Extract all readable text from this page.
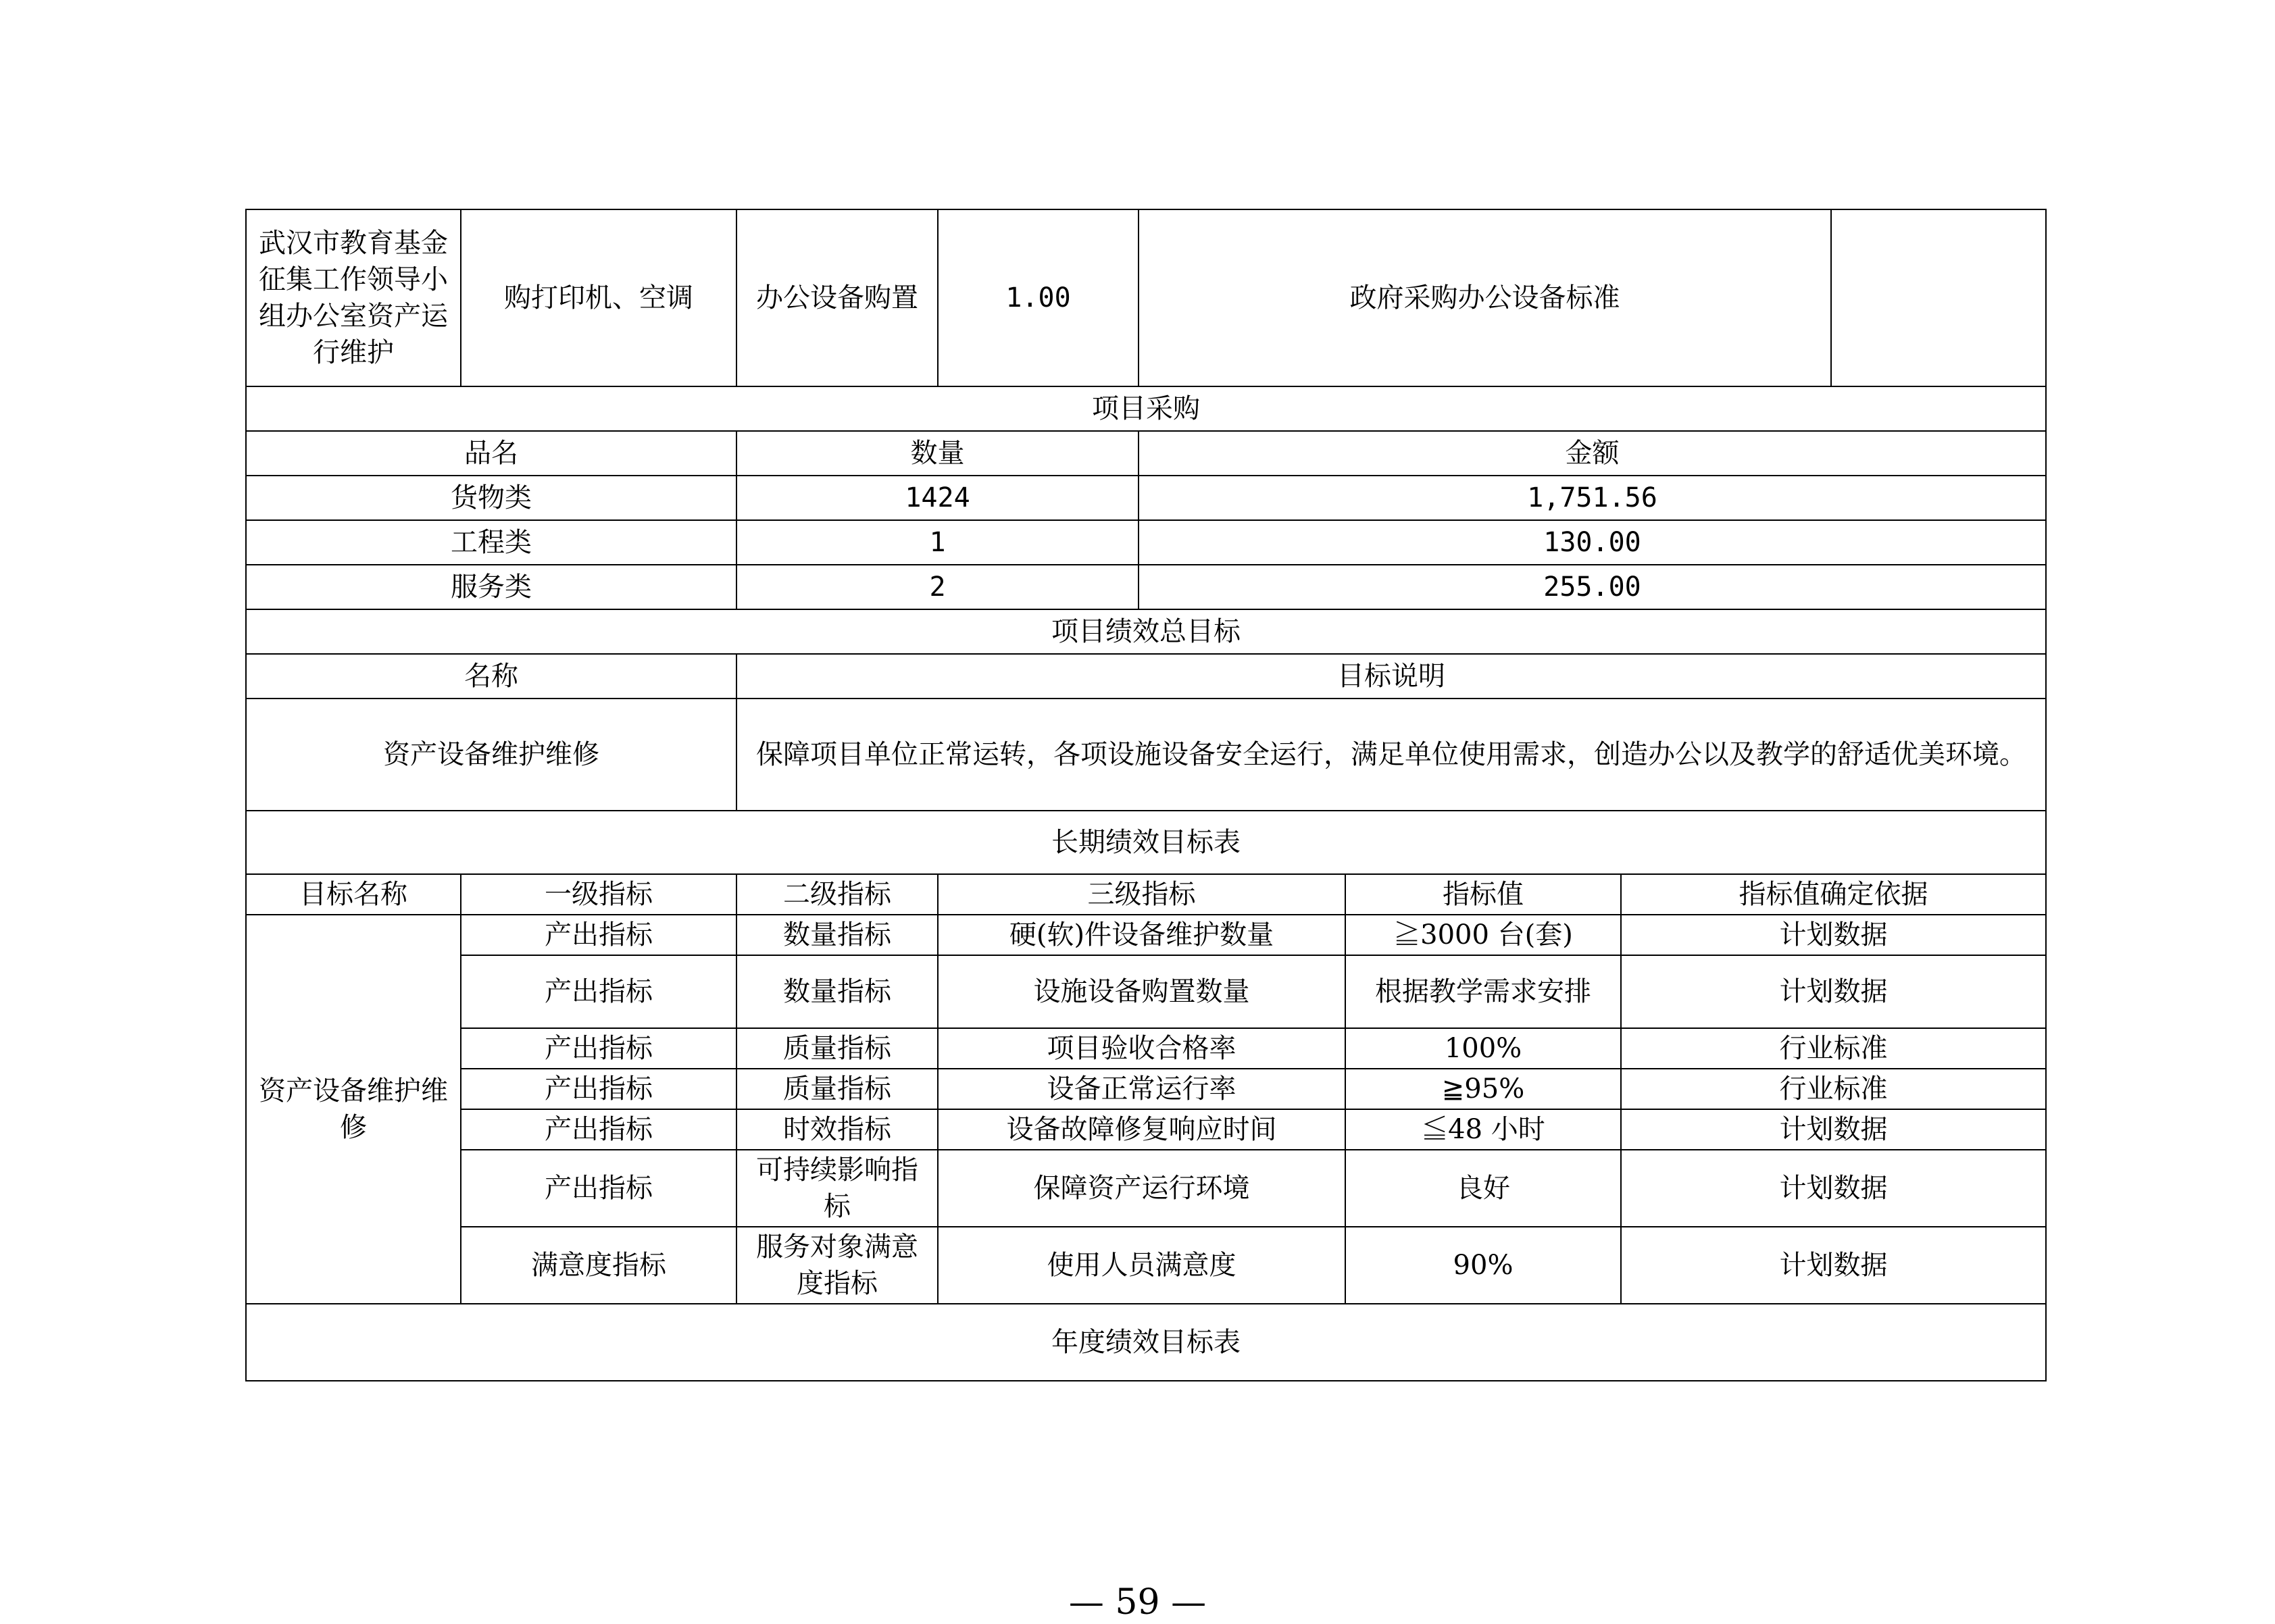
武汉市教育基金征集工作领导小组办公室资产运行维护	购打印机、空调	办公设备购置	1.00	政府采购办公设备标准			
项目采购							
品名		数量		金额			
货物类		1424		1,751.56			
工程类		1		130.00			
服务类		2		255.00			
项目绩效总目标							
名称		目标说明					
资产设备维护维修		保障项目单位正常运转，各项设施设备安全运行，满足单位使用需求，创造办公以及教学的舒适优美环境。					
长期绩效目标表							
目标名称	一级指标	二级指标	三级指标		指标值	指标值确定依据	
资产设备维护维修	产出指标	数量指标	硬(软)件设备维护数量		≧3000 台(套)	计划数据	
	产出指标	数量指标	设施设备购置数量		根据教学需求安排	计划数据	
	产出指标	质量指标	项目验收合格率		100%	行业标准	
	产出指标	质量指标	设备正常运行率		≧95%	行业标准	
	产出指标	时效指标	设备故障修复响应时间		≦48 小时	计划数据	
	产出指标	可持续影响指标	保障资产运行环境		良好	计划数据	
	满意度指标	服务对象满意度指标	使用人员满意度		90%	计划数据	
年度绩效目标表							
— 59 —
